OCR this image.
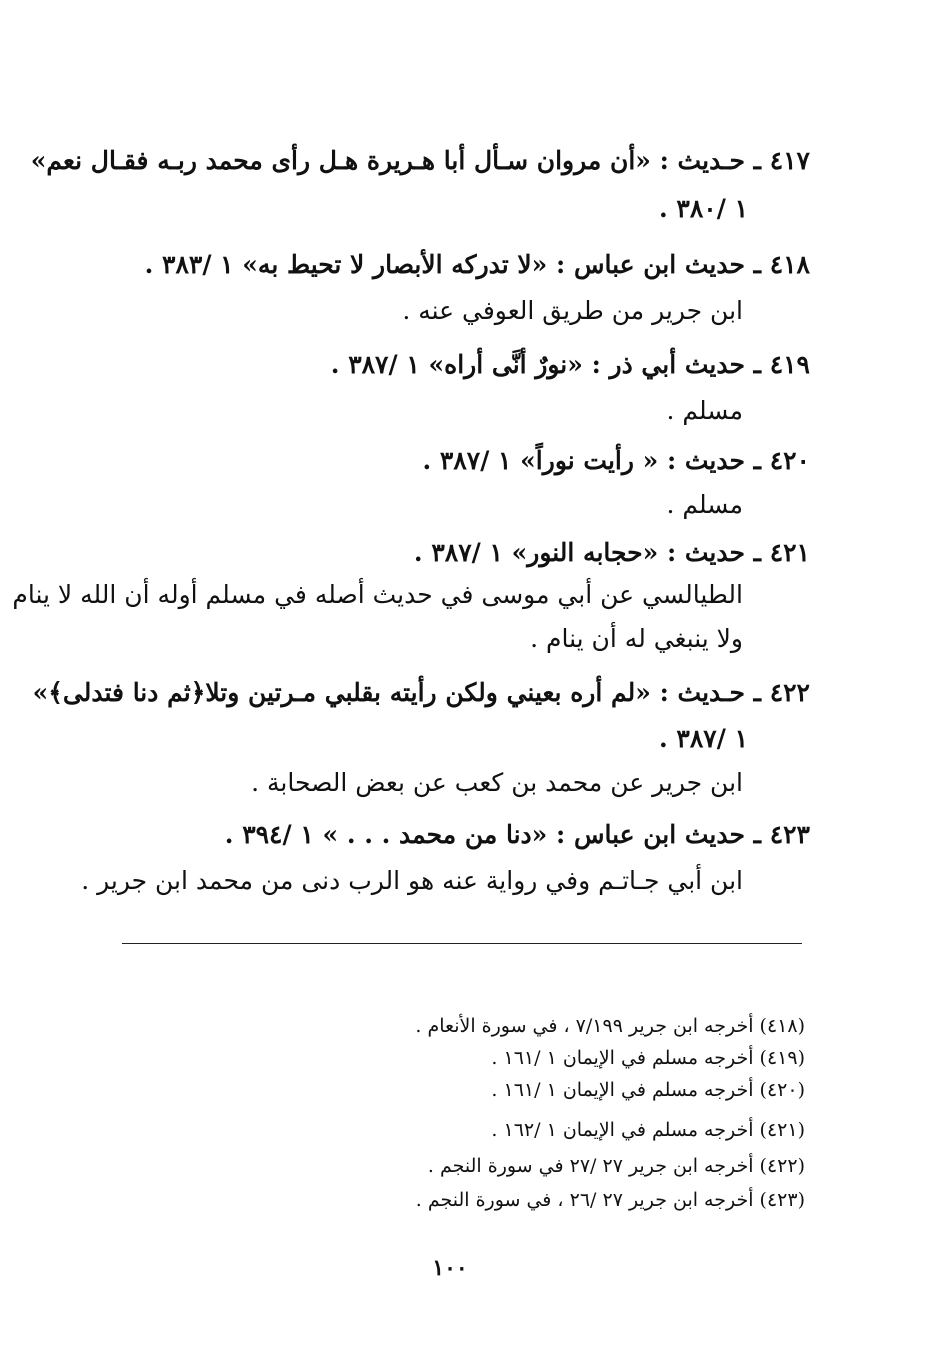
٤١٧ ـ حـديث : «أن مروان سـأل أبا هـريرة هـل رأى محمد ربـه فقـال نعم»
١ /٣٨٠ .
٤١٨ ـ حديث ابن عباس : «لا تدركه الأبصار لا تحيط به» ١ /٣٨٣ .
ابن جرير من طريق العوفي عنه .
٤١٩ ـ حديث أبي ذر : «نورٌ أنَّى أراه» ١ /٣٨٧ .
مسلم .
٤٢٠ ـ حديث : « رأيت نوراً» ١ /٣٨٧ .
مسلم .
٤٢١ ـ حديث : «حجابه النور» ١ /٣٨٧ .
الطيالسي عن أبي موسى في حديث أصله في مسلم أوله أن الله لا ينام
ولا ينبغي له أن ينام .
٤٢٢ ـ حـديث : «لم أره بعيني ولكن رأيته بقلبي مـرتين وتلا﴿ثم دنا فتدلى﴾»
١ /٣٨٧ .
ابن جرير عن محمد بن كعب عن بعض الصحابة .
٤٢٣ ـ حديث ابن عباس : «دنا من محمد . . . » ١ /٣٩٤ .
ابن أبي جـاتـم وفي رواية عنه هو الرب دنى من محمد ابن جرير .
(٤١٨) أخرجه ابن جرير ٧/١٩٩ ، في سورة الأنعام .
(٤١٩) أخرجه مسلم في الإيمان ١ /١٦١ .
(٤٢٠) أخرجه مسلم في الإيمان ١ /١٦١ .
(٤٢١) أخرجه مسلم في الإيمان ١ /١٦٢ .
(٤٢٢) أخرجه ابن جرير ٢٧ /٢٧ في سورة النجم .
(٤٢٣) أخرجه ابن جرير ٢٧ /٢٦ ، في سورة النجم .
١٠٠
